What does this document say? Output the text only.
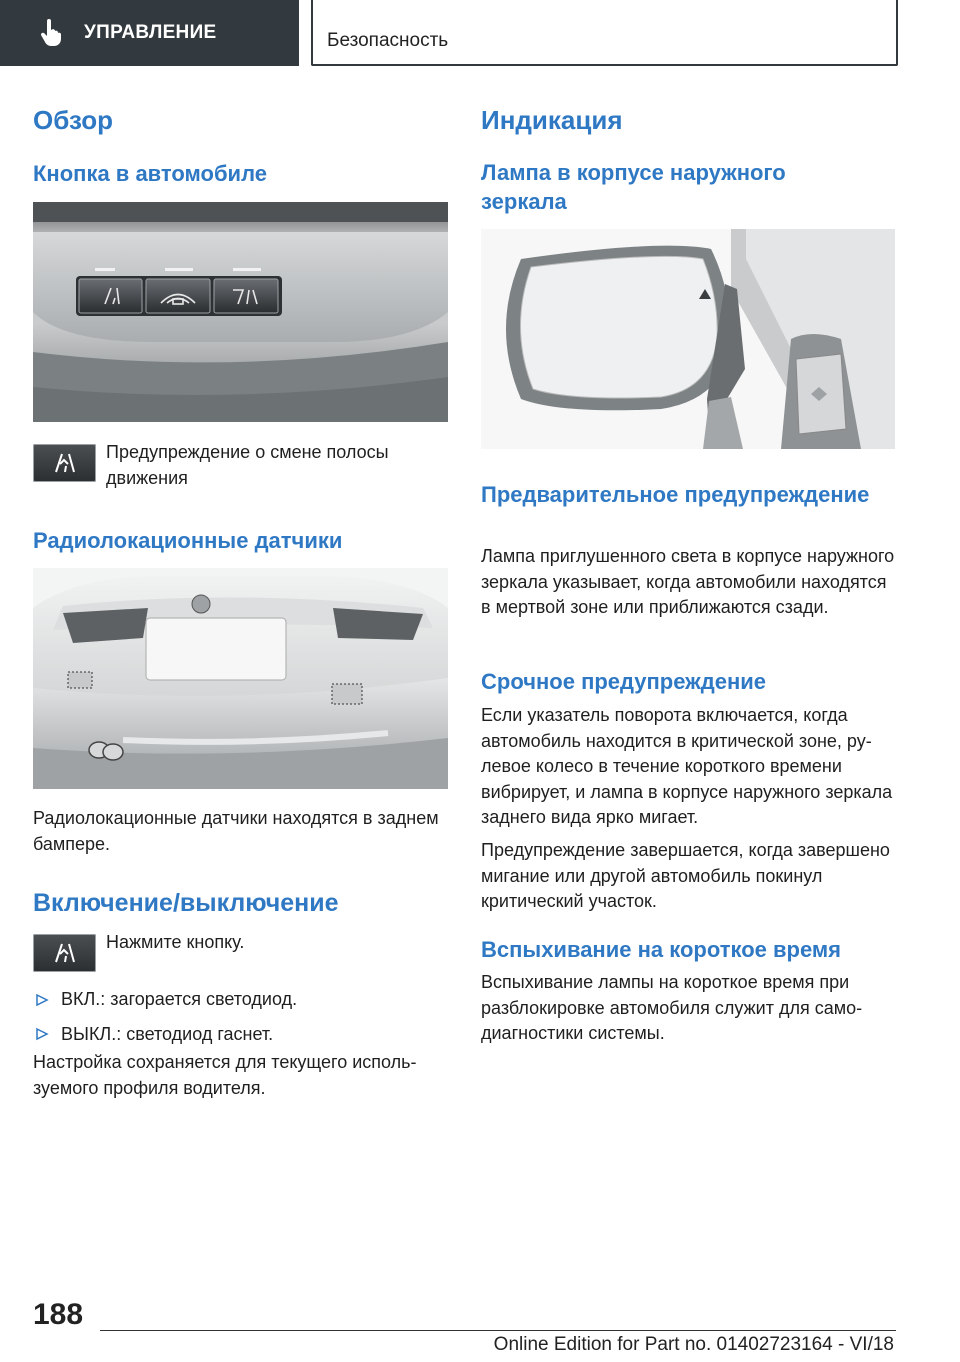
УПРАВЛЕНИЕ	Безопасность
Обзор
Кнопка в автомобиле
Предупреждение о смене полосы движения
Радиолокационные датчики
Радиолокационные датчики находятся в заднем бампере.
Включение/выключение
Нажмите кнопку.
ВКЛ.: загорается светодиод.
ВЫКЛ.: светодиод гаснет.
Настройка сохраняется для текущего используемого профиля водителя.
Индикация
Лампа в корпусе наружного зеркала
Предварительное предупреждение
Лампа приглушенного света в корпусе наружного зеркала указывает, когда автомобили находятся в мертвой зоне или приближаются сзади.
Срочное предупреждение
Если указатель поворота включается, когда автомобиль находится в критической зоне, рулевое колесо в течение короткого времени вибрирует, и лампа в корпусе наружного зеркала заднего вида ярко мигает.
Предупреждение завершается, когда завершено мигание или другой автомобиль покинул критический участок.
Вспыхивание на короткое время
Вспыхивание лампы на короткое время при разблокировке автомобиля служит для самодиагностики системы.
188
Online Edition for Part no. 01402723164 - VI/18
